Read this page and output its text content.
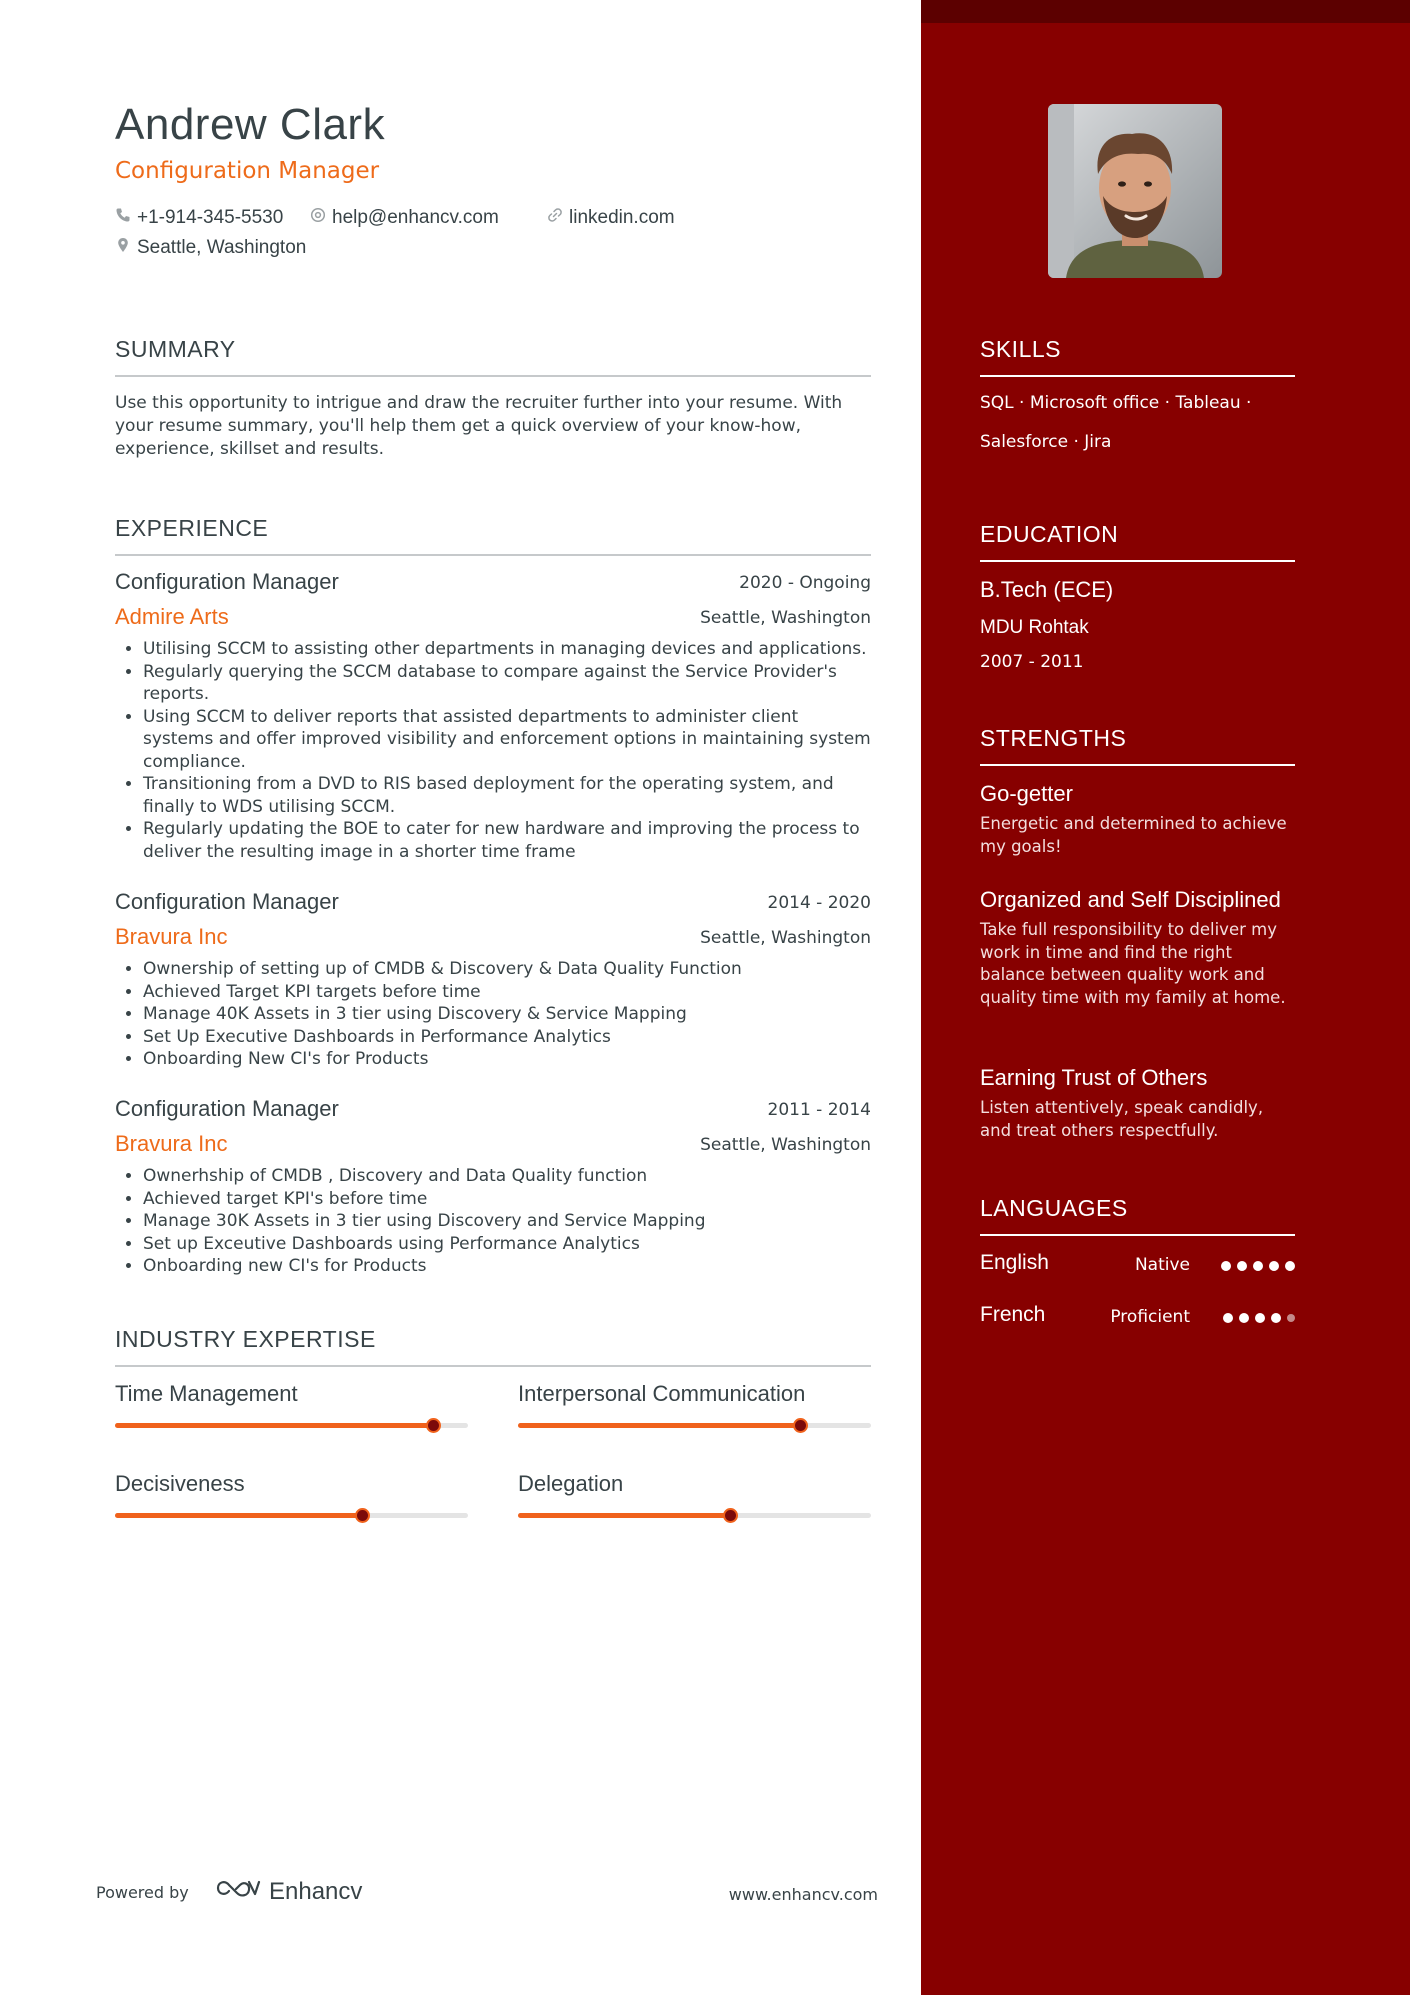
Andrew Clark
Configuration Manager
+1-914-345-5530	help@enhancv.com	linkedin.com
Seattle, Washington
SUMMARY
Use this opportunity to intrigue and draw the recruiter further into your resume. With your resume summary, you'll help them get a quick overview of your know-how, experience, skillset and results.
EXPERIENCE
Configuration Manager	2020 - Ongoing
Admire Arts	Seattle, Washington
• Utilising SCCM to assisting other departments in managing devices and applications.
• Regularly querying the SCCM database to compare against the Service Provider's reports.
• Using SCCM to deliver reports that assisted departments to administer client systems and offer improved visibility and enforcement options in maintaining system compliance.
• Transitioning from a DVD to RIS based deployment for the operating system, and finally to WDS utilising SCCM.
• Regularly updating the BOE to cater for new hardware and improving the process to deliver the resulting image in a shorter time frame
Configuration Manager	2014 - 2020
Bravura Inc	Seattle, Washington
• Ownership of setting up of CMDB & Discovery & Data Quality Function
• Achieved Target KPI targets before time
• Manage 40K Assets in 3 tier using Discovery & Service Mapping
• Set Up Executive Dashboards in Performance Analytics
• Onboarding New CI's for Products
Configuration Manager	2011 - 2014
Bravura Inc	Seattle, Washington
• Ownerhship of CMDB , Discovery and Data Quality function
• Achieved target KPI's before time
• Manage 30K Assets in 3 tier using Discovery and Service Mapping
• Set up Exceutive Dashboards using Performance Analytics
• Onboarding new CI's for Products
INDUSTRY EXPERTISE
Time Management	Interpersonal Communication
Decisiveness	Delegation
Powered by	Enhancv	www.enhancv.com
SKILLS
SQL · Microsoft office · Tableau ·
Salesforce · Jira
EDUCATION
B.Tech (ECE)
MDU Rohtak
2007 - 2011
STRENGTHS
Go-getter
Energetic and determined to achieve my goals!
Organized and Self Disciplined
Take full responsibility to deliver my work in time and find the right balance between quality work and quality time with my family at home.
Earning Trust of Others
Listen attentively, speak candidly, and treat others respectfully.
LANGUAGES
English	Native
French	Proficient
